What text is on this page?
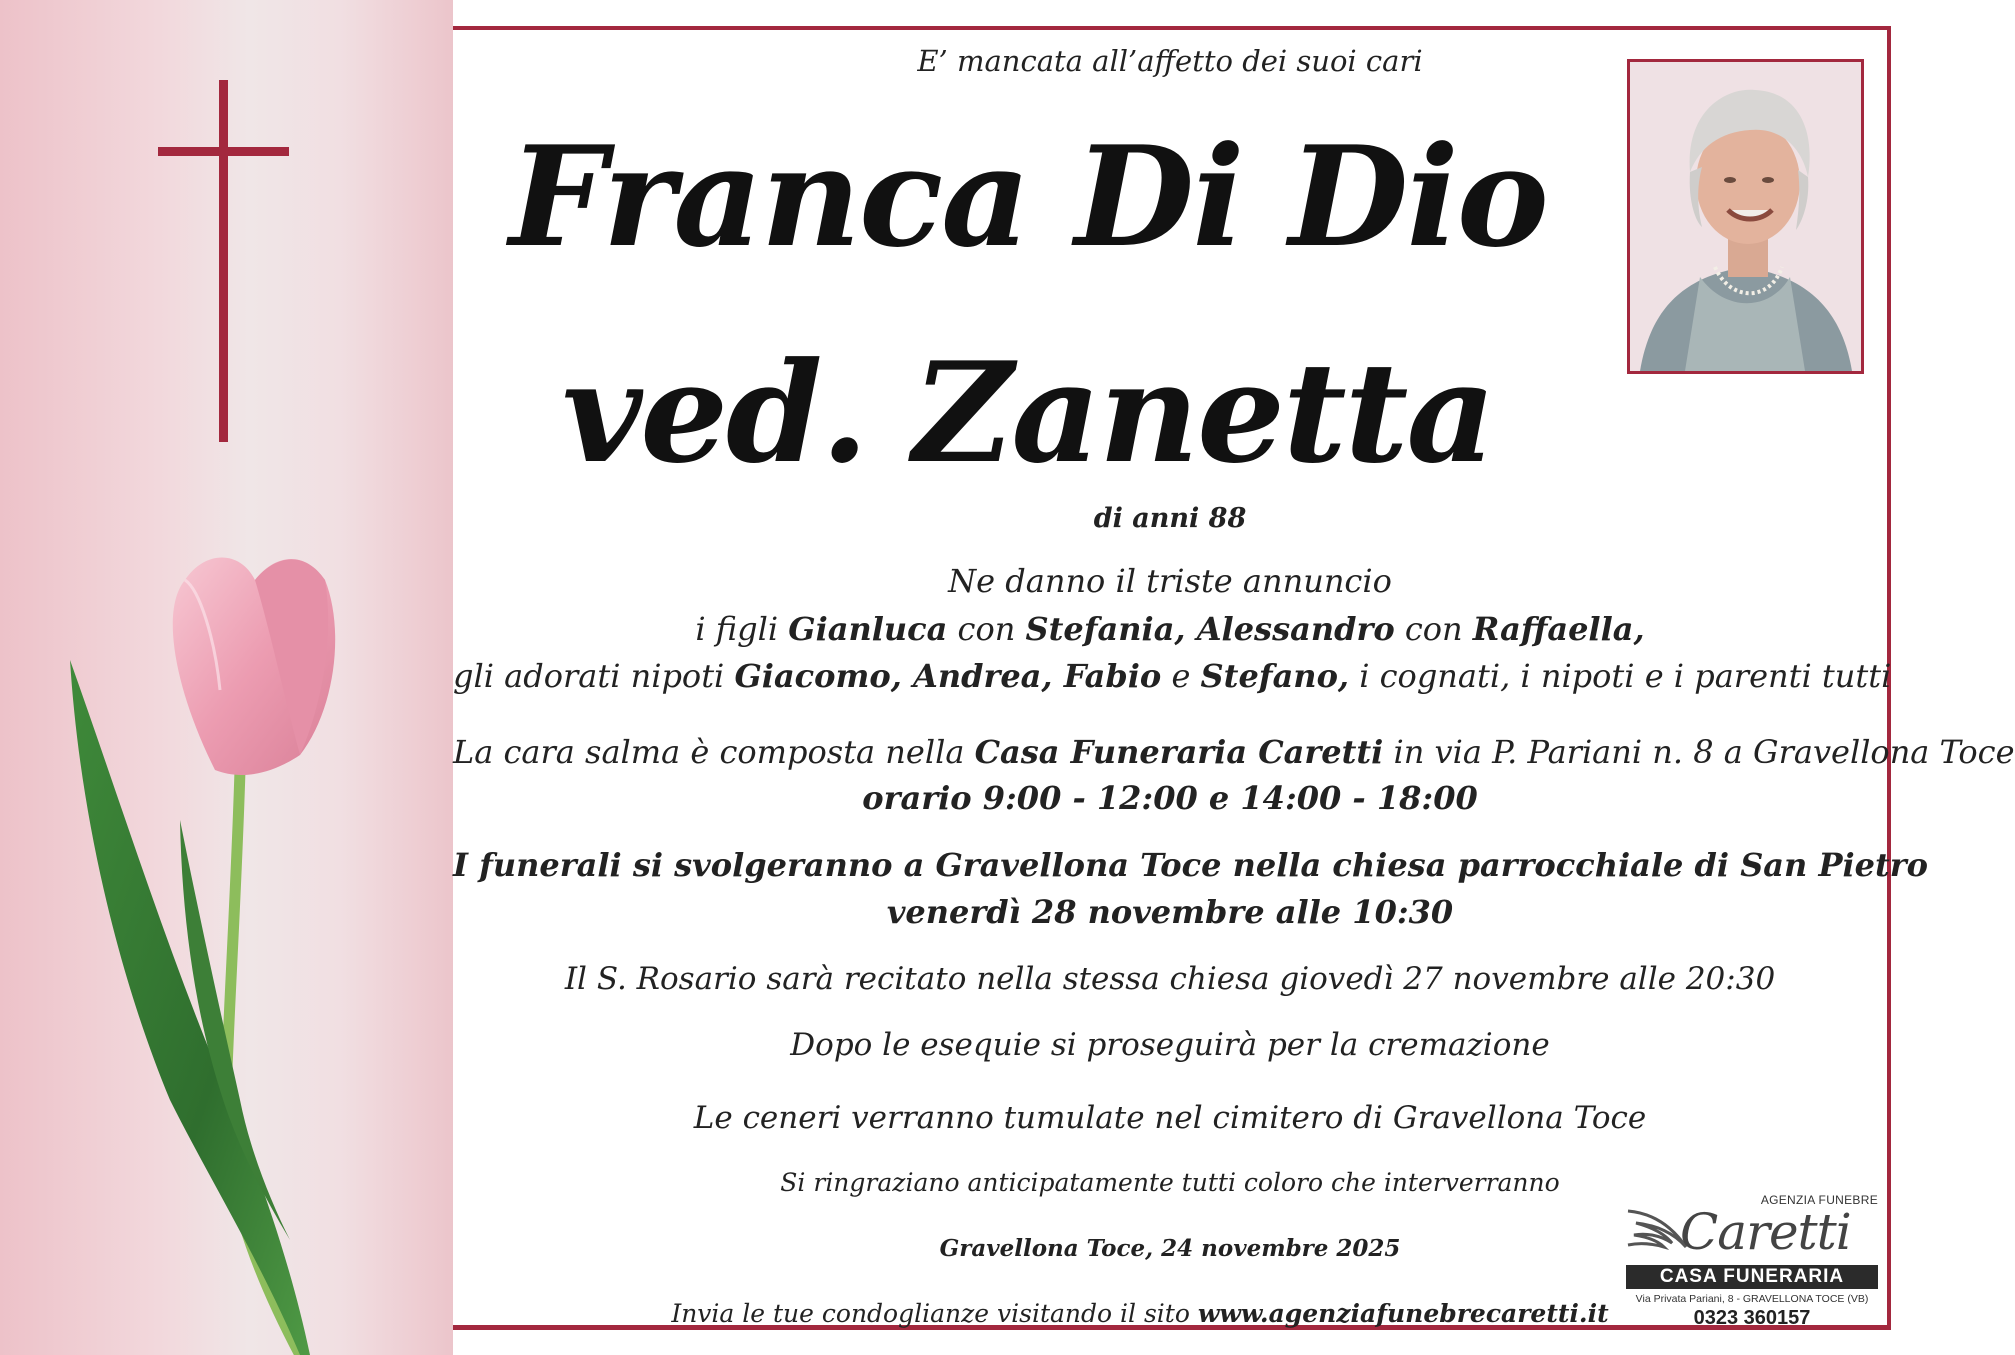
E’ mancata all’affetto dei suoi cari
Franca Di Dio
ved. Zanetta
di anni 88
Ne danno il triste annuncio
i figli Gianluca con Stefania, Alessandro con Raffaella,
gli adorati nipoti Giacomo, Andrea, Fabio e Stefano, i cognati, i nipoti e i parenti tutti
La cara salma è composta nella Casa Funeraria Caretti in via P. Pariani n. 8 a Gravellona Toce
orario 9:00 - 12:00 e 14:00 - 18:00
I funerali si svolgeranno a Gravellona Toce nella chiesa parrocchiale di San Pietro
venerdì 28 novembre alle 10:30
Il S. Rosario sarà recitato nella stessa chiesa giovedì 27 novembre alle 20:30
Dopo le esequie si proseguirà per la cremazione
Le ceneri verranno tumulate nel cimitero di Gravellona Toce
Si ringraziano anticipatamente tutti coloro che interverranno
Gravellona Toce, 24 novembre 2025
Invia le tue condoglianze visitando il sito www.agenziafunebrecaretti.it
AGENZIA FUNEBRE
Caretti
CASA FUNERARIA
Via Privata Pariani, 8 - GRAVELLONA TOCE (VB)
0323 360157
